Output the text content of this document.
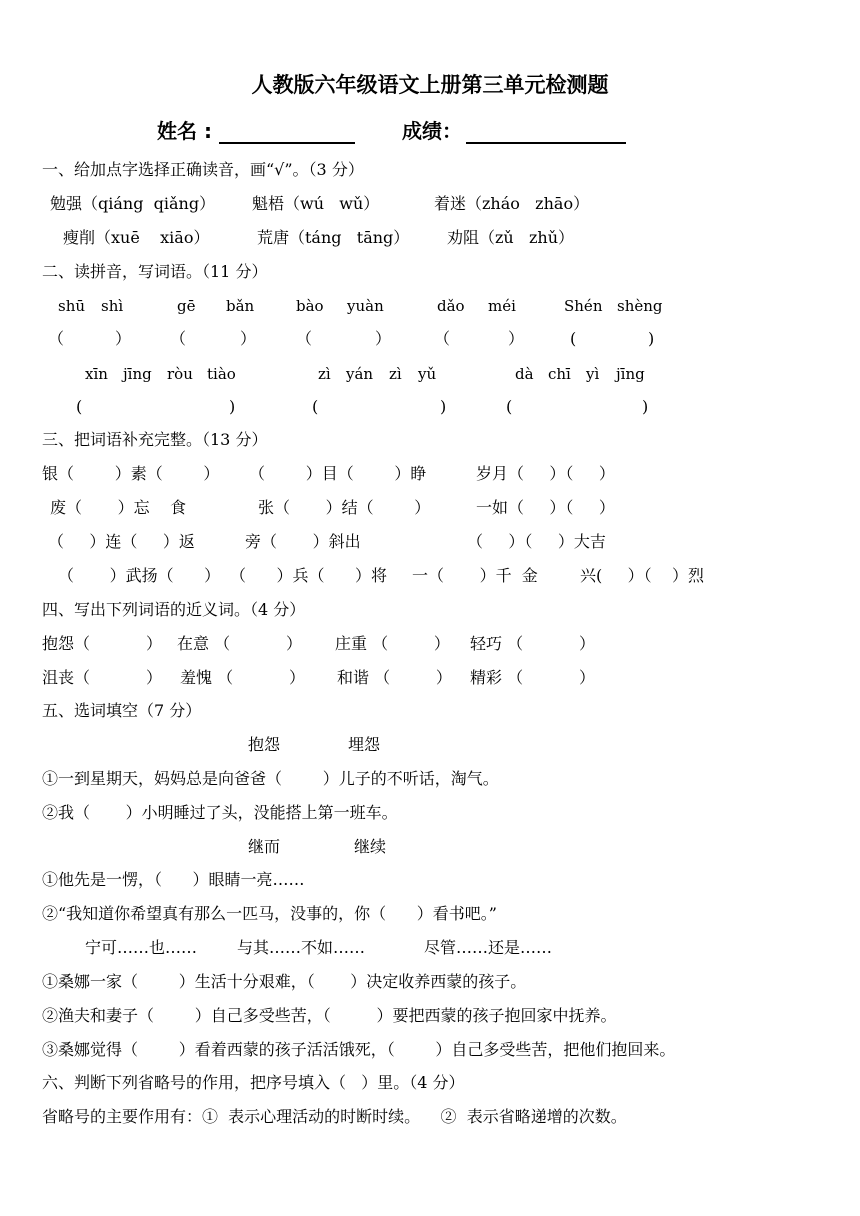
人教版六年级语文上册第三单元检测题
姓名 :	成绩：
一、给加点字选择正确读音，画“√”。（3 分）
勉强（qiáng  qiǎng） 魁梧（wú   wǔ）	着迷（zháo   zhāo）
瘦削（xuē    xiāo）	荒唐（táng   tāng） 劝阻（zǔ   zhǔ）
二、读拼音，写词语。（11 分）
shū shì	gē bǎn	bào yuàn	dǎo méi	Shén shèng
（	） （	） （	）	（	）	(	)
xīn jīng ròu tiào	zì yán zì yǔ	dà chī yì jīng
(	)	(	)	(	)
三、把词语补充完整。（13 分）
银（        ）素（        ） （        ）目（        ）睁	岁月（     ）（     ）
废（       ）忘    食	张（       ）结（        ）	一如（     ）（     ）
（     ）连（     ）返	旁（       ）斜出	（     ）（     ）大吉
（       ）武扬（      ） （      ）兵（      ）将 一（       ）千  金	兴(     ）（    ）烈
四、写出下列词语的近义词。（4 分）
抱怨（           ） 在意 （           ） 庄重 （         ） 轻巧 （           ）
沮丧（           ） 羞愧 （           ） 和谐 （         ） 精彩 （           ）
五、选词填空（7 分）
抱怨	埋怨
①一到星期天，妈妈总是向爸爸（        ）儿子的不听话，淘气。
②我（       ）小明睡过了头，没能搭上第一班车。
继而	继续
①他先是一愣，（      ）眼睛一亮……
②“我知道你希望真有那么一匹马，没事的，你（      ）看书吧。”
宁可……也…… 与其……不如……	尽管……还是……
①桑娜一家（        ）生活十分艰难，（       ）决定收养西蒙的孩子。
②渔夫和妻子（        ）自己多受些苦，（         ）要把西蒙的孩子抱回家中抚养。
③桑娜觉得（        ）看着西蒙的孩子活活饿死，（        ）自己多受些苦，把他们抱回来。
六、判断下列省略号的作用，把序号填入（   ）里。（4 分）
省略号的主要作用有：①  表示心理活动的时断时续。    ②  表示省略递增的次数。
